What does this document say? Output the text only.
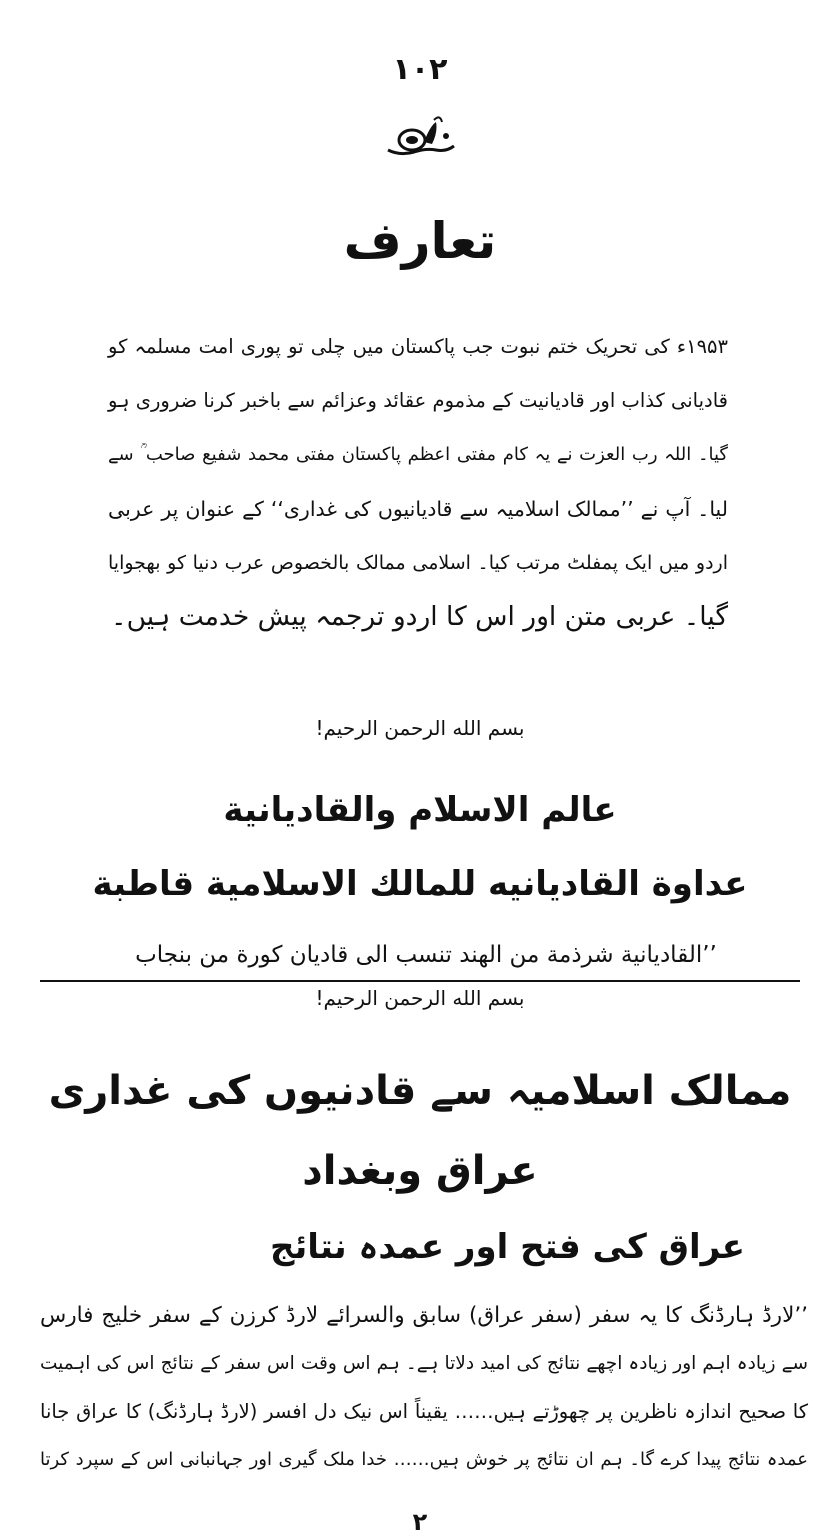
۱۰۲
تعارف
۱۹۵۳ء کی تحریک ختم نبوت جب پاکستان میں چلی تو پوری امت مسلمہ کو
قادیانی کذاب اور قادیانیت کے مذموم عقائد وعزائم سے باخبر کرنا ضروری ہو
گیا۔ اللہ رب العزت نے یہ کام مفتی اعظم پاکستان مفتی محمد شفیع صاحب ؒ سے
لیا۔ آپ نے ’’ممالک اسلامیہ سے قادیانیوں کی غداری‘‘ کے عنوان پر عربی
اردو میں ایک پمفلٹ مرتب کیا۔ اسلامی ممالک بالخصوص عرب دنیا کو بھجوایا
گیا۔ عربی متن اور اس کا اردو ترجمہ پیش خدمت ہیں۔
بسم الله الرحمن الرحيم!
عالم الاسلام والقاديانية
عداوة القاديانيه للمالك الاسلامية قاطبة
’’القاديانية شرذمة من الهند تنسب الى قاديان كورة من بنجاب
بسم الله الرحمن الرحيم!
ممالک اسلامیہ سے قادنیوں کی غداری
عراق وبغداد
عراق کی فتح اور عمدہ نتائج
’’لارڈ ہارڈنگ کا یہ سفر (سفر عراق) سابق والسرائے لارڈ کرزن کے سفر خلیج فارس
سے زیادہ اہم اور زیادہ اچھے نتائج کی امید دلاتا ہے۔ ہم اس وقت اس سفر کے نتائج اس کی اہمیت
کا صحیح اندازہ ناظرین پر چھوڑتے ہیں…… یقیناً اس نیک دل افسر (لارڈ ہارڈنگ) کا عراق جانا
عمدہ نتائج پیدا کرے گا۔ ہم ان نتائج پر خوش ہیں…… خدا ملک گیری اور جہانبانی اس کے سپرد کرتا
۲
